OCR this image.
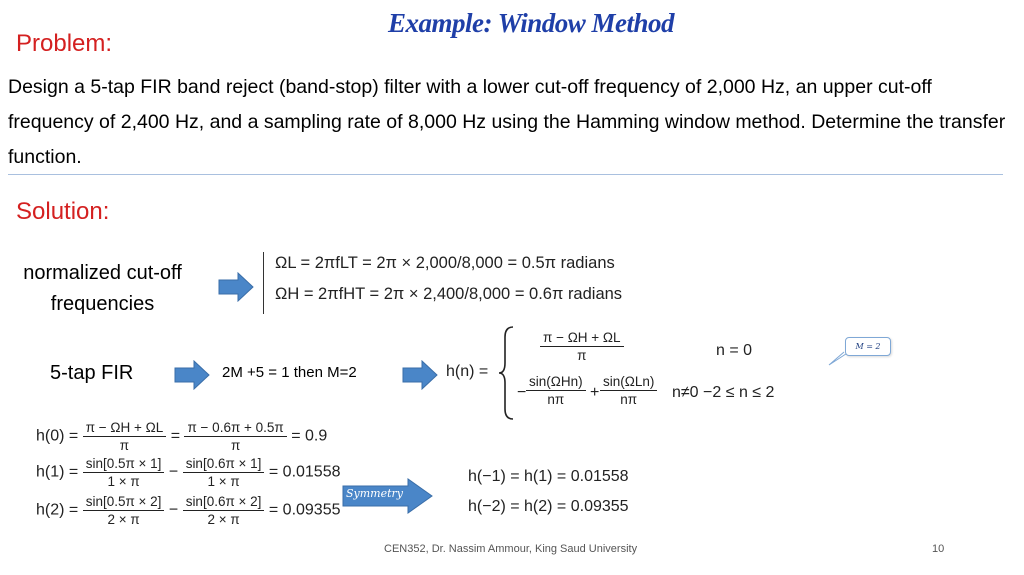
Example: Window Method
Problem:
Design a 5-tap FIR band reject (band-stop) filter with a lower cut-off frequency of 2,000 Hz, an upper cut-off frequency of 2,400 Hz, and a sampling rate of 8,000 Hz using the Hamming window method. Determine the transfer function.
Solution:
normalized cut-off frequencies
ΩL = 2πfLT = 2π × 2,000/8,000 = 0.5π radians
ΩH = 2πfHT = 2π × 2,400/8,000 = 0.6π radians
5-tap FIR	2M +5 = 1 then M=2	h(n) =
$\frac{\pi - \Omega H + \Omega L}{\pi}$	n = 0
− $\frac{\text{sin(ΩHn)}}{n\pi} + \frac{\text{sin(ΩLn)}}{n\pi} n\ne 0 -2 \le n \le 2$
M = 2
$h(0) = \frac{\pi - \Omega H + \Omega L}{\pi} = \frac{\pi - 0.6\pi + 0.5\pi}{\pi} = 0.9$
$h(1) = \frac{\sin[0.5\pi \times 1]}{1 \times \pi} - \frac{\sin[0.6\pi \times 1]}{1 \times \pi} = 0.01558$
$h(2) = \frac{\sin[0.5\pi \times 2]}{2 \times \pi} - \frac{\sin[0.6\pi \times 2]}{2 \times \pi} = 0.09355$
Symmetry
h(−1) = h(1) = 0.01558
h(−2) = h(2) = 0.09355
CEN352, Dr. Nassim Ammour, King Saud University	10
